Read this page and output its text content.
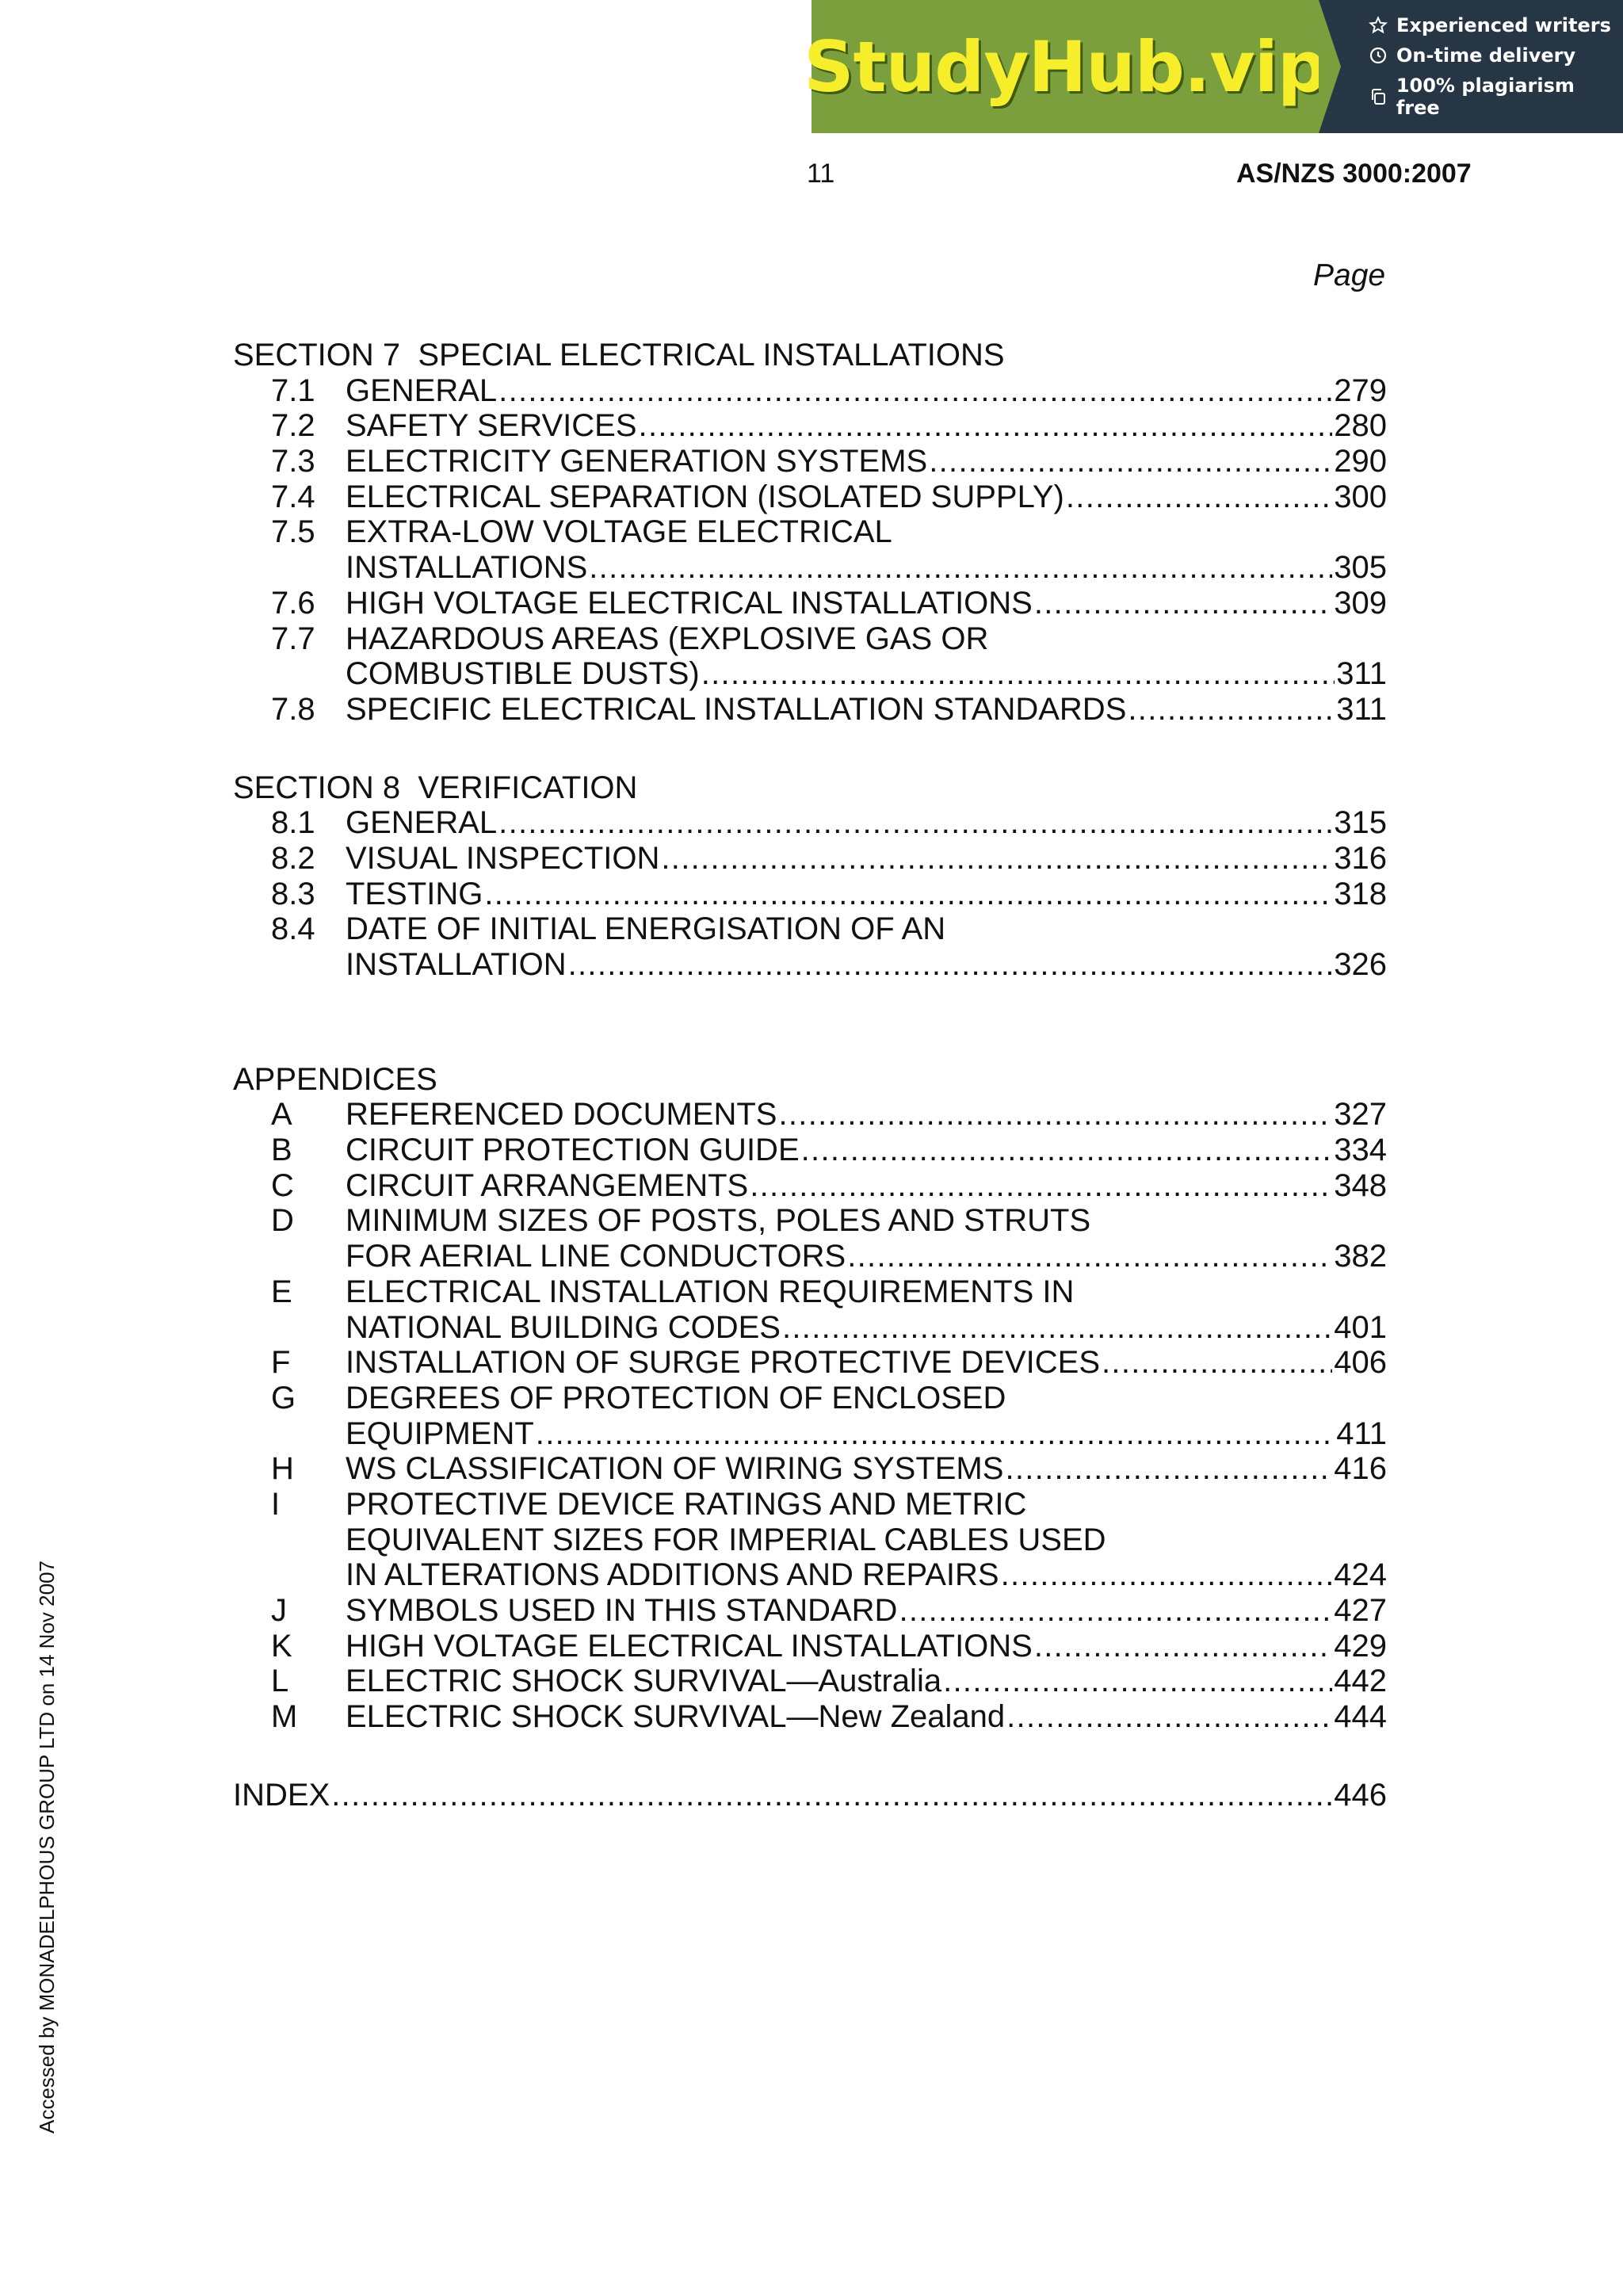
StudyHub.vip
Experienced writers
On-time delivery
100% plagiarism free
11	AS/NZS 3000:2007
Page
SECTION 7  SPECIAL ELECTRICAL INSTALLATIONS
7.1 GENERAL .....	279
7.2 SAFETY SERVICES .....	280
7.3 ELECTRICITY GENERATION SYSTEMS .....	290
7.4 ELECTRICAL SEPARATION (ISOLATED SUPPLY) .....	300
7.5 EXTRA-LOW VOLTAGE ELECTRICAL
INSTALLATIONS .....	305
7.6 HIGH VOLTAGE ELECTRICAL INSTALLATIONS .....	309
7.7 HAZARDOUS AREAS (EXPLOSIVE GAS OR
COMBUSTIBLE DUSTS) .....	311
7.8 SPECIFIC ELECTRICAL INSTALLATION STANDARDS .....	311
SECTION 8  VERIFICATION
8.1 GENERAL .....	315
8.2 VISUAL INSPECTION .....	316
8.3 TESTING .....	318
8.4 DATE OF INITIAL ENERGISATION OF AN
INSTALLATION .....	326
APPENDICES
A	REFERENCED DOCUMENTS .....	327
B	CIRCUIT PROTECTION GUIDE .....	334
C	CIRCUIT ARRANGEMENTS .....	348
D	MINIMUM SIZES OF POSTS, POLES AND STRUTS
FOR AERIAL LINE CONDUCTORS .....	382
E	ELECTRICAL INSTALLATION REQUIREMENTS IN
NATIONAL BUILDING CODES .....	401
F	INSTALLATION OF SURGE PROTECTIVE DEVICES .....	406
G	DEGREES OF PROTECTION OF ENCLOSED
EQUIPMENT .....	411
H	WS CLASSIFICATION OF WIRING SYSTEMS .....	416
I	PROTECTIVE DEVICE RATINGS AND METRIC
EQUIVALENT SIZES FOR IMPERIAL CABLES USED
IN ALTERATIONS ADDITIONS AND REPAIRS .....	424
J	SYMBOLS USED IN THIS STANDARD .....	427
K	HIGH VOLTAGE ELECTRICAL INSTALLATIONS .....	429
L	ELECTRIC SHOCK SURVIVAL—Australia .....	442
M	ELECTRIC SHOCK SURVIVAL—New Zealand .....	444
INDEX .....	446
Accessed by MONADELPHOUS GROUP LTD on 14 Nov 2007
